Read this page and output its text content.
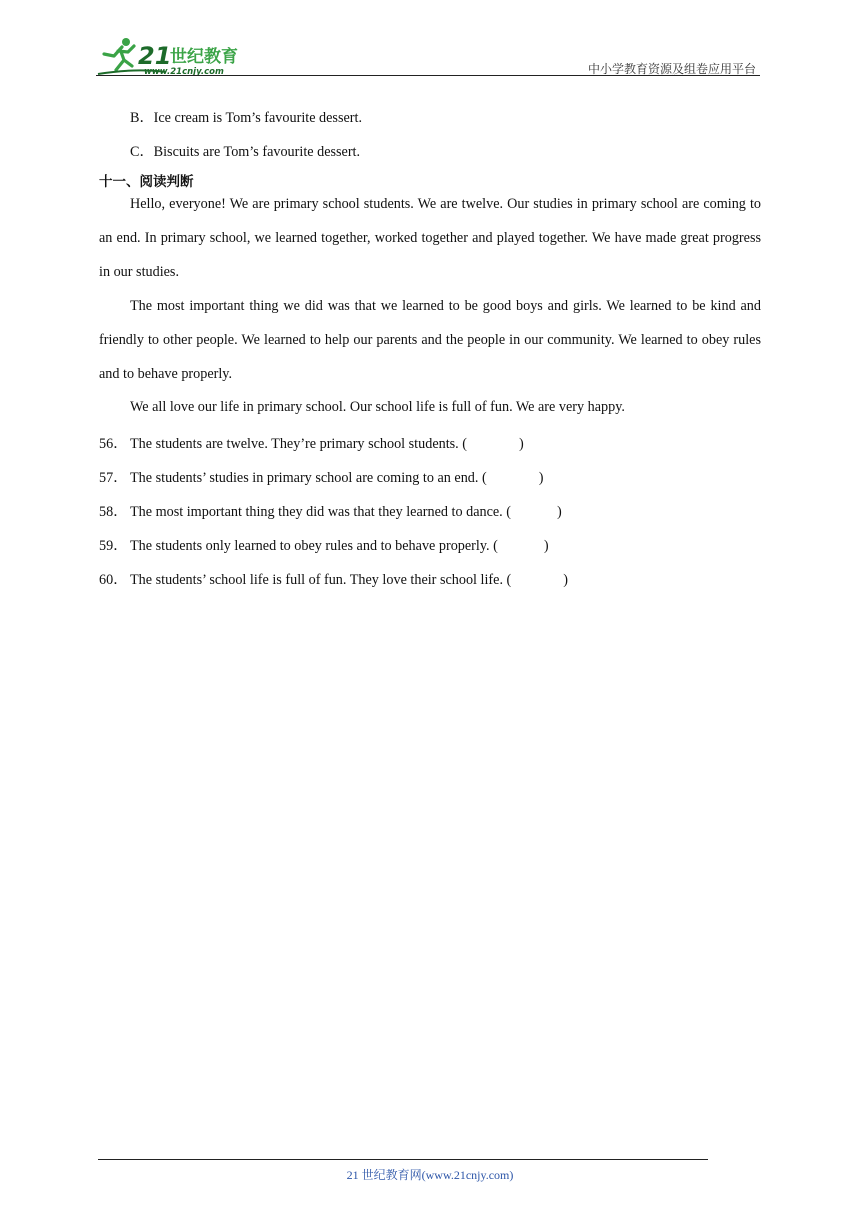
21
世纪教育
www.21cnjy.com	中小学教育资源及组卷应用平台
B．Ice cream is Tom’s favourite dessert.
C．Biscuits are Tom’s favourite dessert.
十一、阅读判断
Hello, everyone! We are primary school students. We are twelve. Our studies in primary school are coming to an end. In primary school, we learned together, worked together and played together. We have made great progress in our studies.
The most important thing we did was that we learned to be good boys and girls. We learned to be kind and friendly to other people. We learned to help our parents and the people in our community. We learned to obey rules and to behave properly.
We all love our life in primary school. Our school life is full of fun. We are very happy.
56． The students are twelve. They’re primary school students. (	)
57． The students’ studies in primary school are coming to an end. (	)
58． The most important thing they did was that they learned to dance. (	)
59． The students only learned to obey rules and to behave properly. (	)
60． The students’ school life is full of fun. They love their school life. (	)
21 世纪教育网(www.21cnjy.com)
